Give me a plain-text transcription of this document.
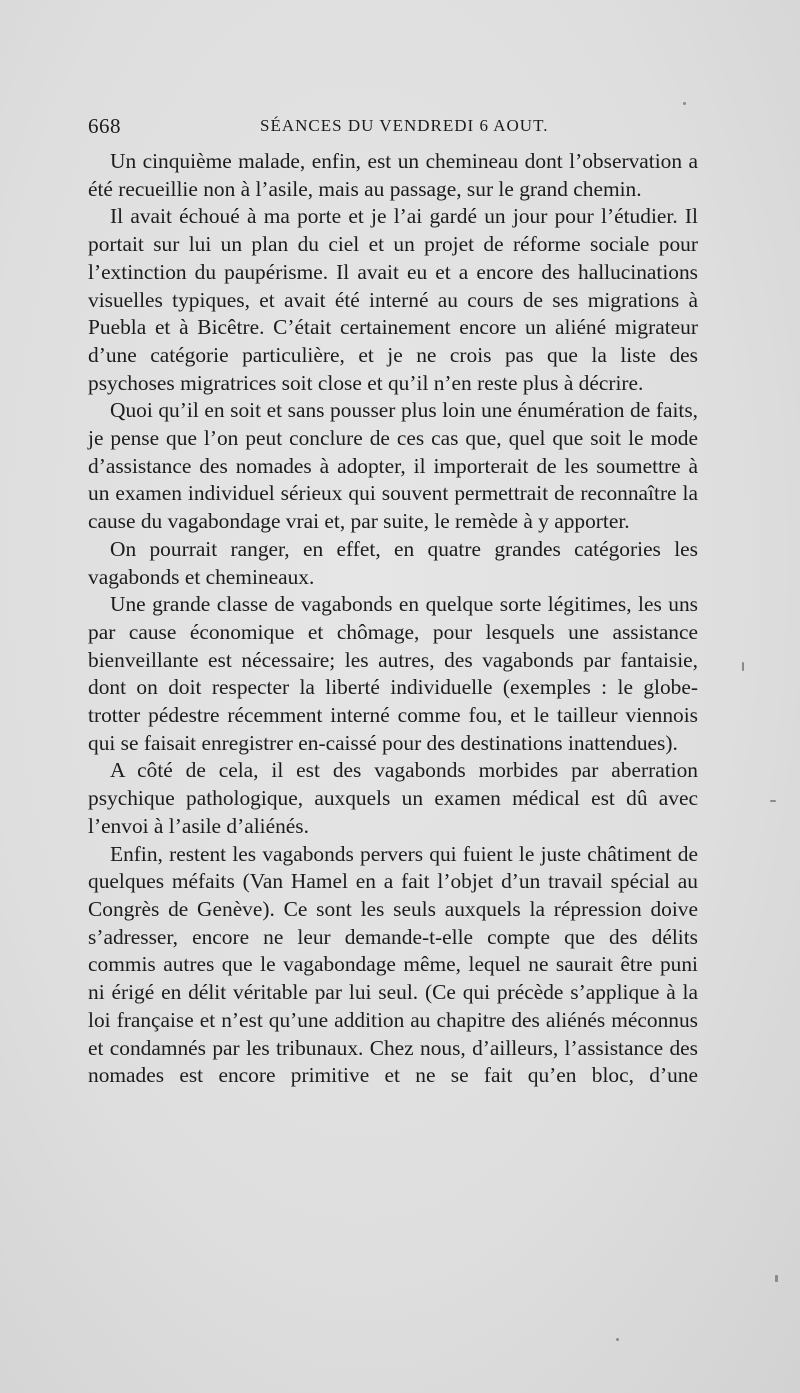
668	SÉANCES DU VENDREDI 6 AOUT.

Un cinquième malade, enfin, est un chemineau dont l’observation a été recueillie non à l’asile, mais au passage, sur le grand chemin.

Il avait échoué à ma porte et je l’ai gardé un jour pour l’étudier. Il portait sur lui un plan du ciel et un projet de réforme sociale pour l’extinction du paupérisme. Il avait eu et a encore des hallucinations visuelles typiques, et avait été interné au cours de ses migrations à Puebla et à Bicêtre. C’était certainement encore un aliéné migrateur d’une catégorie particulière, et je ne crois pas que la liste des psychoses migratrices soit close et qu’il n’en reste plus à décrire.

Quoi qu’il en soit et sans pousser plus loin une énumération de faits, je pense que l’on peut conclure de ces cas que, quel que soit le mode d’assistance des nomades à adopter, il importerait de les soumettre à un examen individuel sérieux qui souvent permettrait de reconnaître la cause du vagabondage vrai et, par suite, le remède à y apporter.

On pourrait ranger, en effet, en quatre grandes catégories les vagabonds et chemineaux.

Une grande classe de vagabonds en quelque sorte légitimes, les uns par cause économique et chômage, pour lesquels une assistance bienveillante est nécessaire; les autres, des vagabonds par fantaisie, dont on doit respecter la liberté individuelle (exemples : le globe-trotter pédestre récemment interné comme fou, et le tailleur viennois qui se faisait enregistrer en-caissé pour des destinations inattendues).

A côté de cela, il est des vagabonds morbides par aberration psychique pathologique, auxquels un examen médical est dû avec l’envoi à l’asile d’aliénés.

Enfin, restent les vagabonds pervers qui fuient le juste châtiment de quelques méfaits (Van Hamel en a fait l’objet d’un travail spécial au Congrès de Genève). Ce sont les seuls auxquels la répression doive s’adresser, encore ne leur demande-t-elle compte que des délits commis autres que le vagabondage même, lequel ne saurait être puni ni érigé en délit véritable par lui seul. (Ce qui précède s’applique à la loi française et n’est qu’une addition au chapitre des aliénés méconnus et condamnés par les tribunaux. Chez nous, d’ailleurs, l’assistance des nomades est encore primitive et ne se fait qu’en bloc, d’une
